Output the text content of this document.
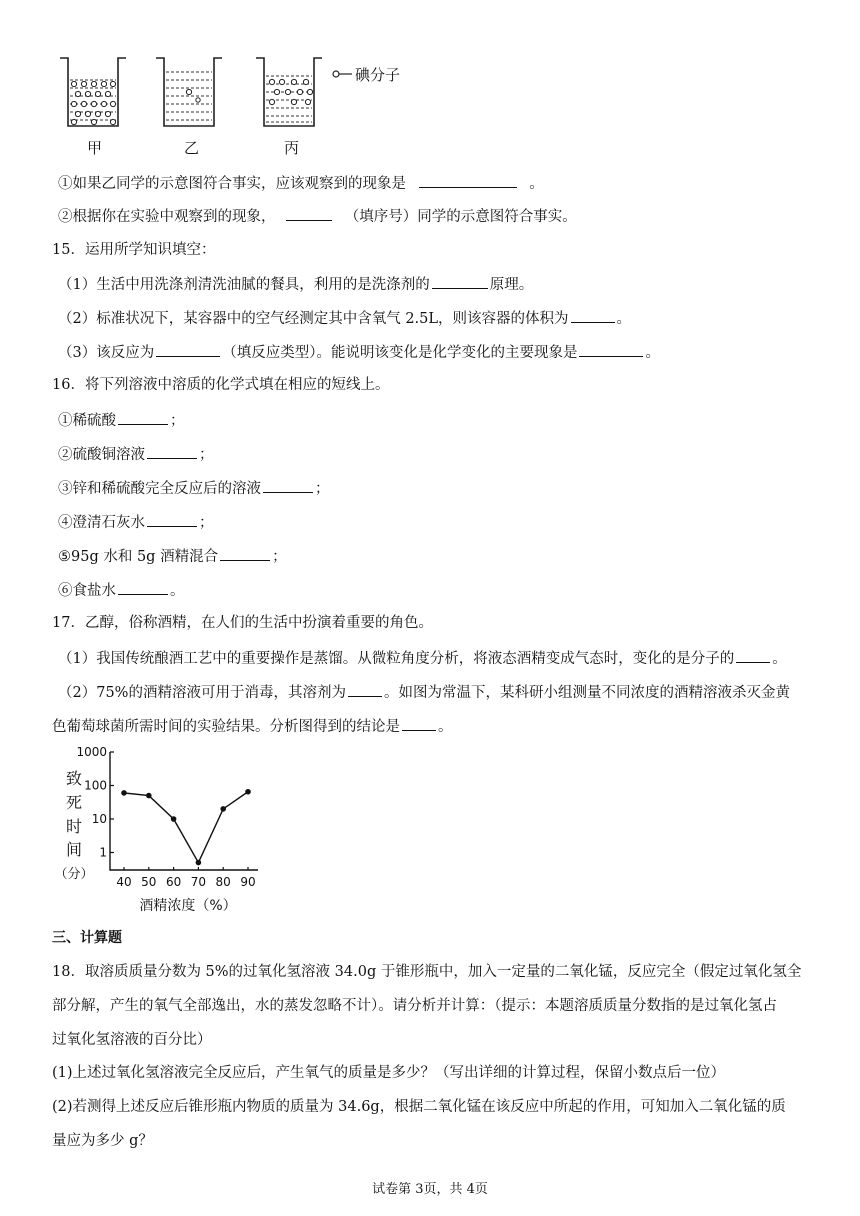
碘分子
甲	乙	丙
①如果乙同学的示意图符合事实，应该观察到的现象是	。
②根据你在实验中观察到的现象，	（填序号）同学的示意图符合事实。
15．运用所学知识填空：
（1）生活中用洗涤剂清洗油腻的餐具，利用的是洗涤剂的	原理。
（2）标准状况下，某容器中的空气经测定其中含氧气 2.5L，则该容器的体积为	。
（3）该反应为	（填反应类型）。能说明该变化是化学变化的主要现象是	。
16．将下列溶液中溶质的化学式填在相应的短线上。
①稀硫酸	；
②硫酸铜溶液	；
③锌和稀硫酸完全反应后的溶液	；
④澄清石灰水	；
⑤95g 水和 5g 酒精混合	；
⑥食盐水	。
17．乙醇，俗称酒精，在人们的生活中扮演着重要的角色。
（1）我国传统酿酒工艺中的重要操作是蒸馏。从微粒角度分析，将液态酒精变成气态时，变化的是分子的	。
（2）75%的酒精溶液可用于消毒，其溶剂为	。如图为常温下，某科研小组测量不同浓度的酒精溶液杀灭金黄
色葡萄球菌所需时间的实验结果。分析图得到的结论是	。
1
10
100
1000
40 50 60 70 80 90
致
死
时
间
（分）
酒精浓度（%）
三、计算题
18．取溶质质量分数为 5%的过氧化氢溶液 34.0g 于锥形瓶中，加入一定量的二氧化锰，反应完全（假定过氧化氢全
部分解，产生的氧气全部逸出，水的蒸发忽略不计）。请分析并计算：（提示：本题溶质质量分数指的是过氧化氢占
过氧化氢溶液的百分比）
(1)上述过氧化氢溶液完全反应后，产生氧气的质量是多少？（写出详细的计算过程，保留小数点后一位）
(2)若测得上述反应后锥形瓶内物质的质量为 34.6g，根据二氧化锰在该反应中所起的作用，可知加入二氧化锰的质
量应为多少 g？
试卷第 3页，共 4页
